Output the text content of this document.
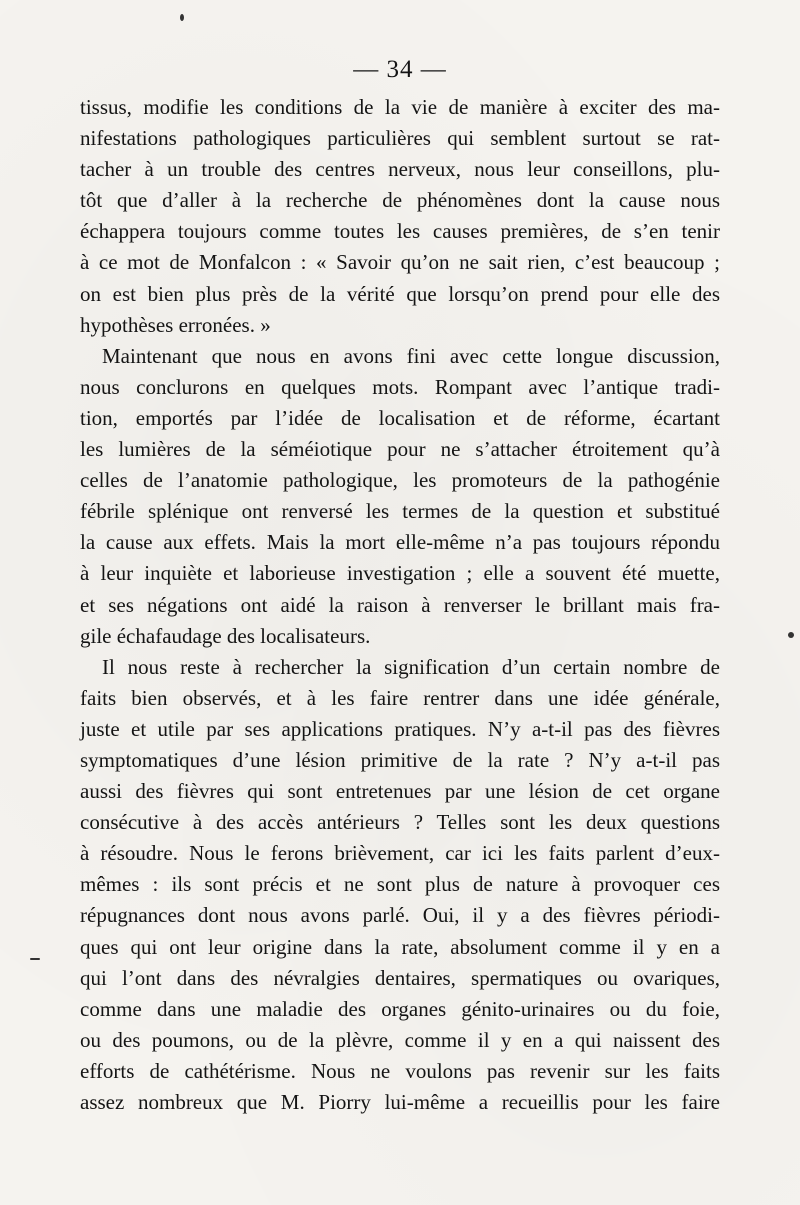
— 34 —
tissus, modifie les conditions de la vie de manière à exciter des ma-
nifestations pathologiques particulières qui semblent surtout se rat-
tacher à un trouble des centres nerveux, nous leur conseillons, plu-
tôt que d’aller à la recherche de phénomènes dont la cause nous
échappera toujours comme toutes les causes premières, de s’en tenir
à ce mot de Monfalcon : « Savoir qu’on ne sait rien, c’est beaucoup ;
on est bien plus près de la vérité que lorsqu’on prend pour elle des
hypothèses erronées. »
Maintenant que nous en avons fini avec cette longue discussion,
nous conclurons en quelques mots. Rompant avec l’antique tradi-
tion, emportés par l’idée de localisation et de réforme, écartant
les lumières de la séméiotique pour ne s’attacher étroitement qu’à
celles de l’anatomie pathologique, les promoteurs de la pathogénie
fébrile splénique ont renversé les termes de la question et substitué
la cause aux effets. Mais la mort elle-même n’a pas toujours répondu
à leur inquiète et laborieuse investigation ; elle a souvent été muette,
et ses négations ont aidé la raison à renverser le brillant mais fra-
gile échafaudage des localisateurs.
Il nous reste à rechercher la signification d’un certain nombre de
faits bien observés, et à les faire rentrer dans une idée générale,
juste et utile par ses applications pratiques. N’y a-t-il pas des fièvres
symptomatiques d’une lésion primitive de la rate ? N’y a-t-il pas
aussi des fièvres qui sont entretenues par une lésion de cet organe
consécutive à des accès antérieurs ? Telles sont les deux questions
à résoudre. Nous le ferons brièvement, car ici les faits parlent d’eux-
mêmes : ils sont précis et ne sont plus de nature à provoquer ces
répugnances dont nous avons parlé. Oui, il y a des fièvres périodi-
ques qui ont leur origine dans la rate, absolument comme il y en a
qui l’ont dans des névralgies dentaires, spermatiques ou ovariques,
comme dans une maladie des organes génito-urinaires ou du foie,
ou des poumons, ou de la plèvre, comme il y en a qui naissent des
efforts de cathétérisme. Nous ne voulons pas revenir sur les faits
assez nombreux que M. Piorry lui-même a recueillis pour les faire
